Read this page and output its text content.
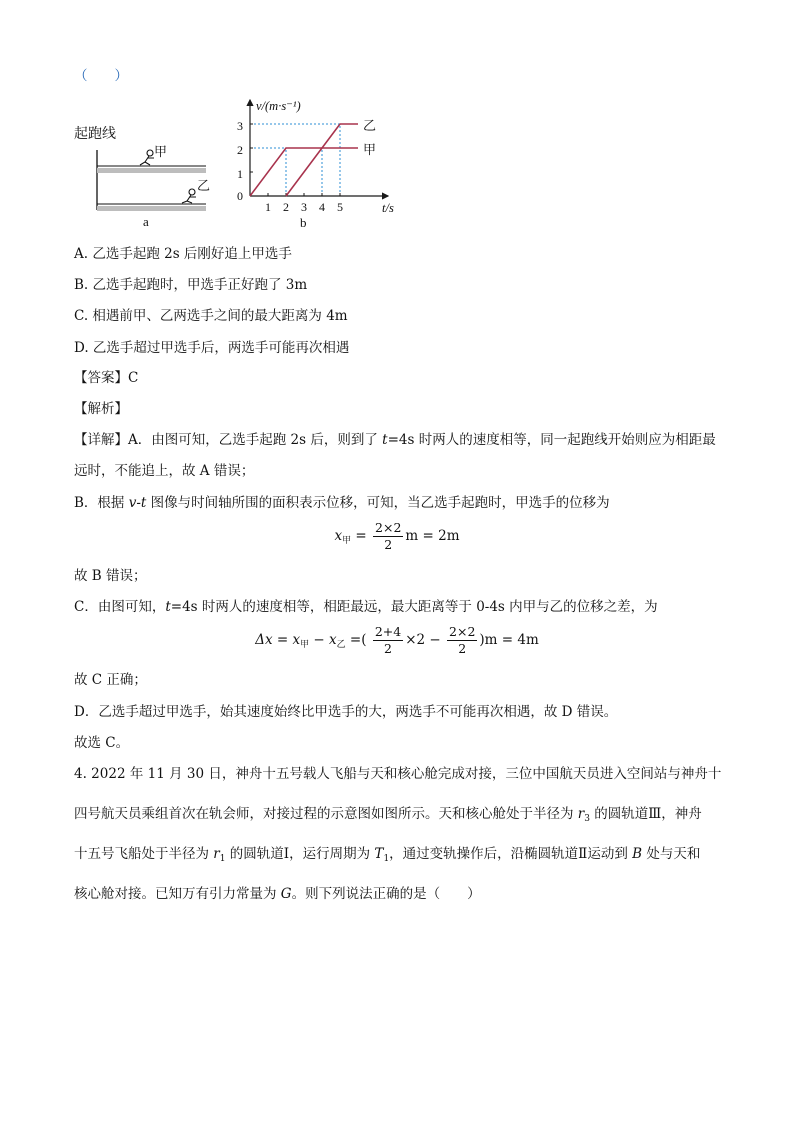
（　　）
起跑线
甲
乙
a
v/(m·s⁻¹)
t/s
b
1 2 3 4 5
0
1
2
3	乙
甲
A. 乙选手起跑 2s 后刚好追上甲选手
B. 乙选手起跑时，甲选手正好跑了 3m
C. 相遇前甲、乙两选手之间的最大距离为 4m
D. 乙选手超过甲选手后，两选手可能再次相遇
【答案】C
【解析】
【详解】A．由图可知，乙选手起跑 2s 后，则到了 t=4s 时两人的速度相等，同一起跑线开始则应为相距最
远时，不能追上，故 A 错误；
B．根据 v-t 图像与时间轴所围的面积表示位移，可知，当乙选手起跑时，甲选手的位移为
$x_甲 = \frac{2\times 2}{2}$ m = 2m
故 B 错误；
C．由图可知，t=4s 时两人的速度相等，相距最远，最大距离等于 0-4s 内甲与乙的位移之差，为
$\Delta x = x_甲 - x_乙$ =( $\frac{2+4}{2} \times 2 - \frac{2\times 2}{2} )m = 4m$
故 C 正确；
D．乙选手超过甲选手，始其速度始终比甲选手的大，两选手不可能再次相遇，故 D 错误。
故选 C。
4. 2022 年 11 月 30 日，神舟十五号载人飞船与天和核心舱完成对接，三位中国航天员进入空间站与神舟十
四号航天员乘组首次在轨会师，对接过程的示意图如图所示。天和核心舱处于半径为 $r_3$ 的圆轨道Ⅲ，神舟
十五号飞船处于半径为 $r_1$ 的圆轨道Ⅰ，运行周期为 $T_1$，通过变轨操作后，沿椭圆轨道Ⅱ运动到 B 处与天和
核心舱对接。已知万有引力常量为 G。则下列说法正确的是（　　）
